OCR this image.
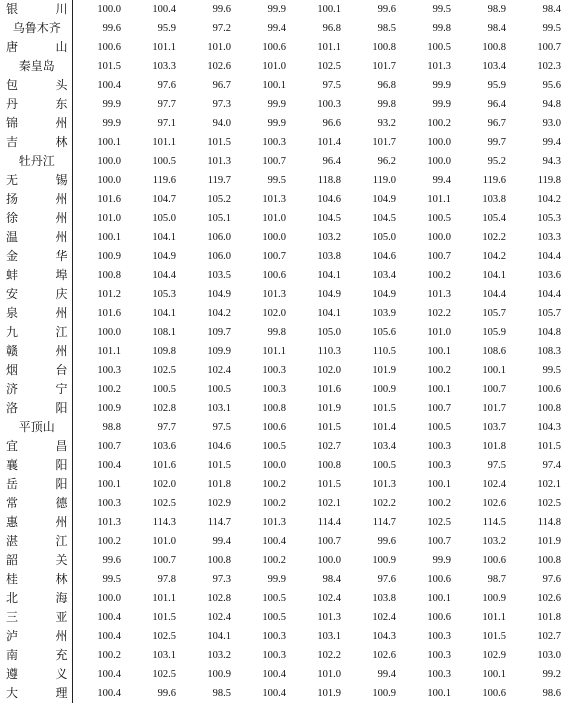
银 川	100.0	100.4	99.6	99.9	100.1	99.6	99.5	98.9	98.4

乌鲁木齐	99.6	95.9	97.2	99.4	96.8	98.5	99.8	98.4	99.5

唐 山	100.6	101.1	101.0	100.6	101.1	100.8	100.5	100.8	100.7

秦皇岛	101.5	103.3	102.6	101.0	102.5	101.7	101.3	103.4	102.3

包 头	100.4	97.6	96.7	100.1	97.5	96.8	99.9	95.9	95.6

丹 东	99.9	97.7	97.3	99.9	100.3	99.8	99.9	96.4	94.8

锦 州	99.9	97.1	94.0	99.9	96.6	93.2	100.2	96.7	93.0

吉 林	100.1	101.1	101.5	100.3	101.4	101.7	100.0	99.7	99.4

牡丹江	100.0	100.5	101.3	100.7	96.4	96.2	100.0	95.2	94.3

无 锡	100.0	119.6	119.7	99.5	118.8	119.0	99.4	119.6	119.8

扬 州	101.6	104.7	105.2	101.3	104.6	104.9	101.1	103.8	104.2

徐 州	101.0	105.0	105.1	101.0	104.5	104.5	100.5	105.4	105.3

温 州	100.1	104.1	106.0	100.0	103.2	105.0	100.0	102.2	103.3

金 华	100.9	104.9	106.0	100.7	103.8	104.6	100.7	104.2	104.4

蚌 埠	100.8	104.4	103.5	100.6	104.1	103.4	100.2	104.1	103.6

安 庆	101.2	105.3	104.9	101.3	104.9	104.9	101.3	104.4	104.4

泉 州	101.6	104.1	104.2	102.0	104.1	103.9	102.2	105.7	105.7

九 江	100.0	108.1	109.7	99.8	105.0	105.6	101.0	105.9	104.8

赣 州	101.1	109.8	109.9	101.1	110.3	110.5	100.1	108.6	108.3

烟 台	100.3	102.5	102.4	100.3	102.0	101.9	100.2	100.1	99.5

济 宁	100.2	100.5	100.5	100.3	101.6	100.9	100.1	100.7	100.6

洛 阳	100.9	102.8	103.1	100.8	101.9	101.5	100.7	101.7	100.8

平顶山	98.8	97.7	97.5	100.6	101.5	101.4	100.5	103.7	104.3

宜 昌	100.7	103.6	104.6	100.5	102.7	103.4	100.3	101.8	101.5

襄 阳	100.4	101.6	101.5	100.0	100.8	100.5	100.3	97.5	97.4

岳 阳	100.1	102.0	101.8	100.2	101.5	101.3	100.1	102.4	102.1

常 德	100.3	102.5	102.9	100.2	102.1	102.2	100.2	102.6	102.5

惠 州	101.3	114.3	114.7	101.3	114.4	114.7	102.5	114.5	114.8

湛 江	100.2	101.0	99.4	100.4	100.7	99.6	100.7	103.2	101.9

韶 关	99.6	100.7	100.8	100.2	100.0	100.9	99.9	100.6	100.8

桂 林	99.5	97.8	97.3	99.9	98.4	97.6	100.6	98.7	97.6

北 海	100.0	101.1	102.8	100.5	102.4	103.8	100.1	100.9	102.6

三 亚	100.4	101.5	102.4	100.5	101.3	102.4	100.6	101.1	101.8

泸 州	100.4	102.5	104.1	100.3	103.1	104.3	100.3	101.5	102.7

南 充	100.2	103.1	103.2	100.3	102.2	102.6	100.3	102.9	103.0

遵 义	100.4	102.5	100.9	100.4	101.0	99.4	100.3	100.1	99.2

大 理	100.4	99.6	98.5	100.4	101.9	100.9	100.1	100.6	98.6
